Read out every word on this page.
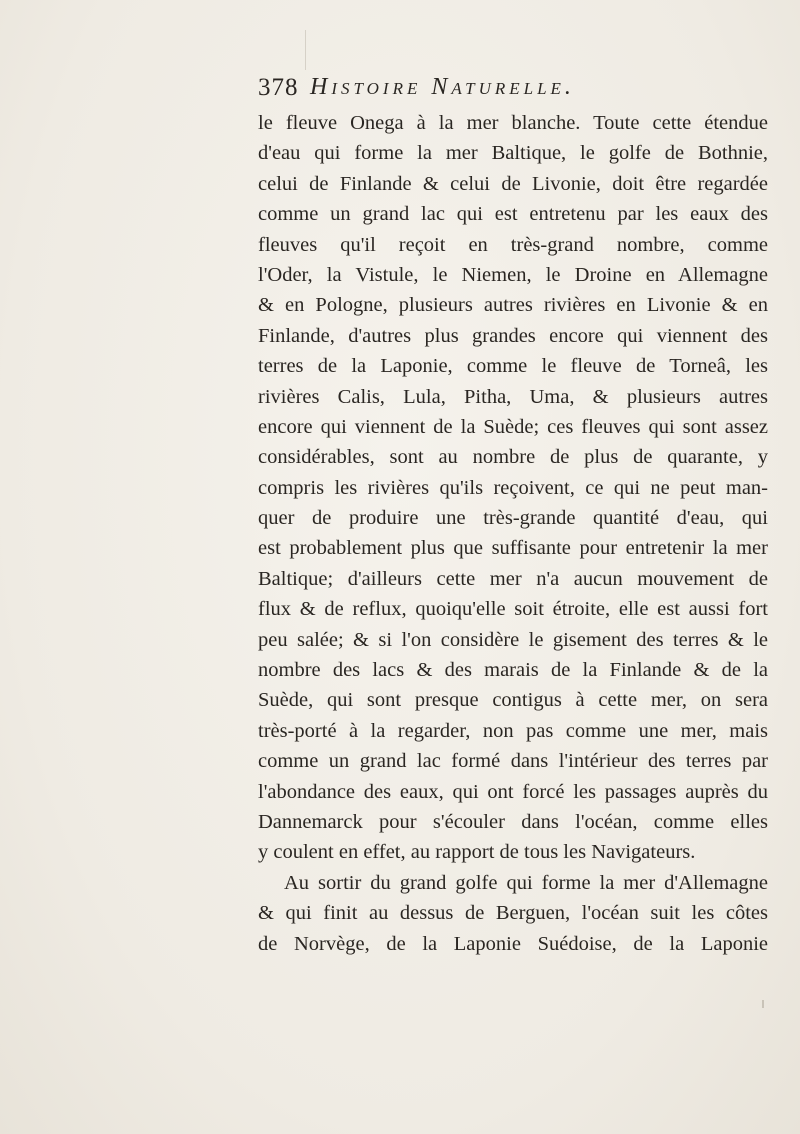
378 Histoire Naturelle.
le fleuve Onega à la mer blanche. Toute cette étendue
d'eau qui forme la mer Baltique, le golfe de Bothnie,
celui de Finlande & celui de Livonie, doit être regardée
comme un grand lac qui est entretenu par les eaux des
fleuves qu'il reçoit en très-grand nombre, comme
l'Oder, la Vistule, le Niemen, le Droine en Allemagne
& en Pologne, plusieurs autres rivières en Livonie & en
Finlande, d'autres plus grandes encore qui viennent des
terres de la Laponie, comme le fleuve de Torneâ, les
rivières Calis, Lula, Pitha, Uma, & plusieurs autres
encore qui viennent de la Suède; ces fleuves qui sont assez
considérables, sont au nombre de plus de quarante, y
compris les rivières qu'ils reçoivent, ce qui ne peut man-
quer de produire une très-grande quantité d'eau, qui
est probablement plus que suffisante pour entretenir la mer
Baltique; d'ailleurs cette mer n'a aucun mouvement de
flux & de reflux, quoiqu'elle soit étroite, elle est aussi fort
peu salée; & si l'on considère le gisement des terres & le
nombre des lacs & des marais de la Finlande & de la
Suède, qui sont presque contigus à cette mer, on sera
très-porté à la regarder, non pas comme une mer, mais
comme un grand lac formé dans l'intérieur des terres par
l'abondance des eaux, qui ont forcé les passages auprès du
Dannemarck pour s'écouler dans l'océan, comme elles
y coulent en effet, au rapport de tous les Navigateurs.
Au sortir du grand golfe qui forme la mer d'Allemagne
& qui finit au dessus de Berguen, l'océan suit les côtes
de Norvège, de la Laponie Suédoise, de la Laponie
